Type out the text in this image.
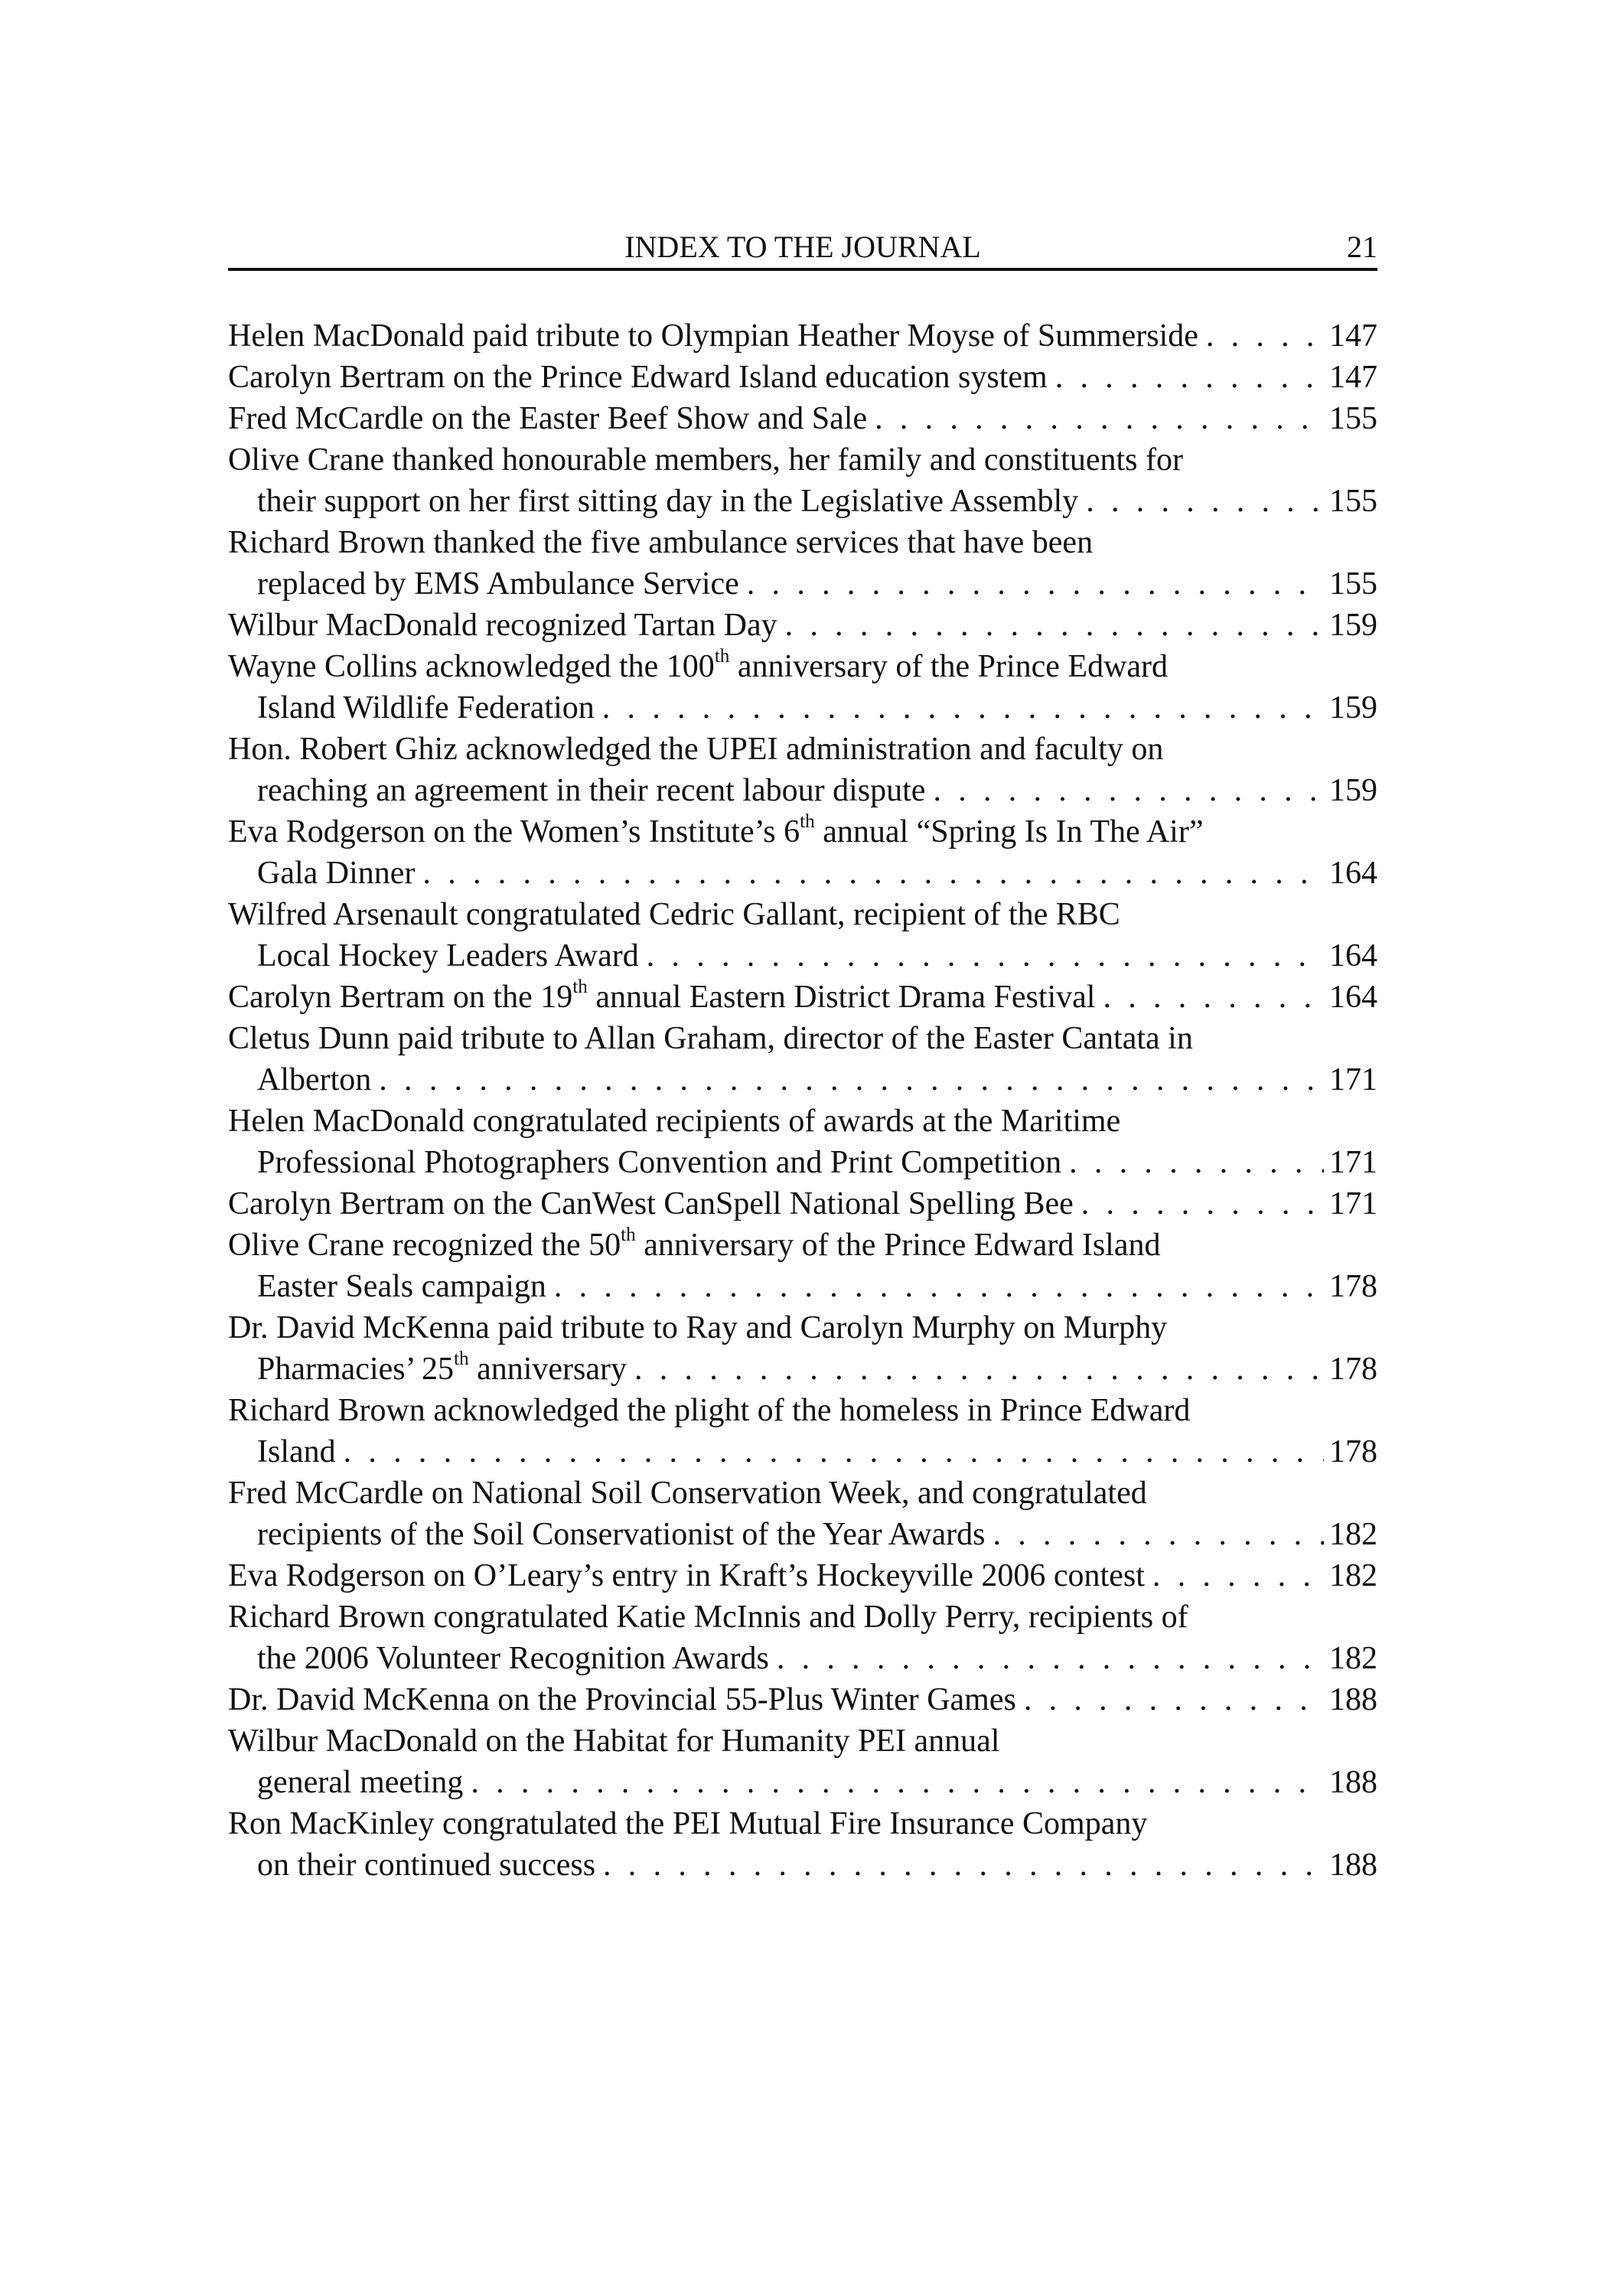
INDEX TO THE JOURNAL	21
Helen MacDonald paid tribute to Olympian Heather Moyse of Summerside . . .	147
Carolyn Bertram on the Prince Edward Island education system . . .	147
Fred McCardle on the Easter Beef Show and Sale . . .	155
Olive Crane thanked honourable members, her family and constituents for
their support on her first sitting day in the Legislative Assembly . . .	155
Richard Brown thanked the five ambulance services that have been
replaced by EMS Ambulance Service . . .	155
Wilbur MacDonald recognized Tartan Day . . .	159
Wayne Collins acknowledged the 100th anniversary of the Prince Edward
Island Wildlife Federation . . .	159
Hon. Robert Ghiz acknowledged the UPEI administration and faculty on
reaching an agreement in their recent labour dispute . . .	159
Eva Rodgerson on the Women’s Institute’s 6th annual “Spring Is In The Air”
Gala Dinner . . .	164
Wilfred Arsenault congratulated Cedric Gallant, recipient of the RBC
Local Hockey Leaders Award . . .	164
Carolyn Bertram on the 19th annual Eastern District Drama Festival . . .	164
Cletus Dunn paid tribute to Allan Graham, director of the Easter Cantata in
Alberton . . .	171
Helen MacDonald congratulated recipients of awards at the Maritime
Professional Photographers Convention and Print Competition . . .	171
Carolyn Bertram on the CanWest CanSpell National Spelling Bee . . .	171
Olive Crane recognized the 50th anniversary of the Prince Edward Island
Easter Seals campaign . . .	178
Dr. David McKenna paid tribute to Ray and Carolyn Murphy on Murphy
Pharmacies’ 25th anniversary . . .	178
Richard Brown acknowledged the plight of the homeless in Prince Edward
Island . . .	178
Fred McCardle on National Soil Conservation Week, and congratulated
recipients of the Soil Conservationist of the Year Awards . . .	182
Eva Rodgerson on O’Leary’s entry in Kraft’s Hockeyville 2006 contest . . .	182
Richard Brown congratulated Katie McInnis and Dolly Perry, recipients of
the 2006 Volunteer Recognition Awards . . .	182
Dr. David McKenna on the Provincial 55-Plus Winter Games . . .	188
Wilbur MacDonald on the Habitat for Humanity PEI annual
general meeting . . .	188
Ron MacKinley congratulated the PEI Mutual Fire Insurance Company
on their continued success . . .	188
